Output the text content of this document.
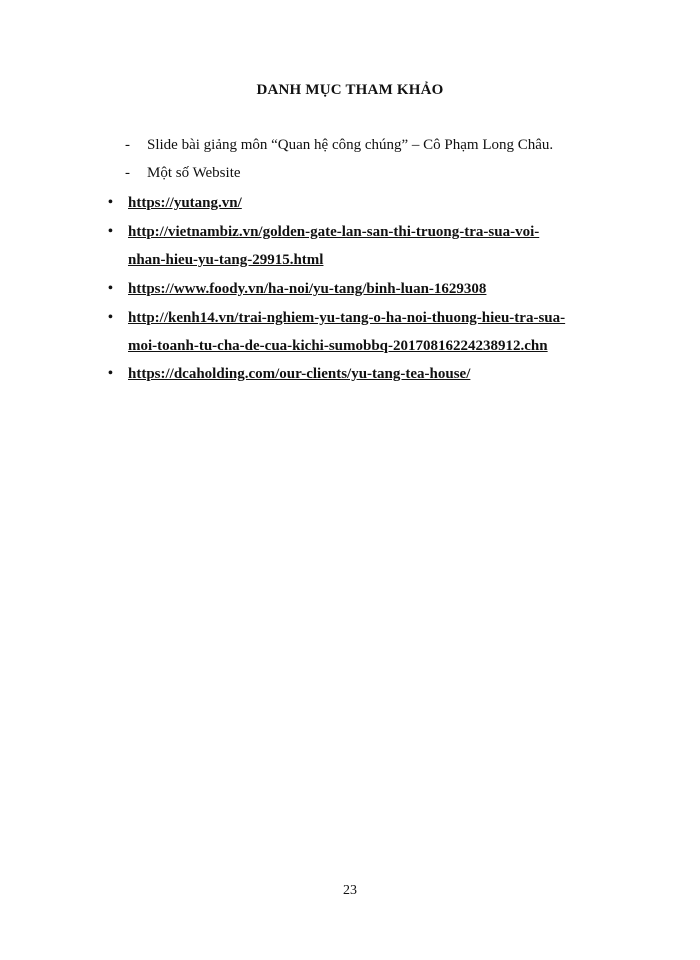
DANH MỤC THAM KHẢO
- Slide bài giảng môn “Quan hệ công chúng” – Cô Phạm Long Châu.
- Một số Website
• https://yutang.vn/
• http://vietnambiz.vn/golden-gate-lan-san-thi-truong-tra-sua-voi-
nhan-hieu-yu-tang-29915.html
• https://www.foody.vn/ha-noi/yu-tang/binh-luan-1629308
• http://kenh14.vn/trai-nghiem-yu-tang-o-ha-noi-thuong-hieu-tra-sua-
moi-toanh-tu-cha-de-cua-kichi-sumobbq-20170816224238912.chn
• https://dcaholding.com/our-clients/yu-tang-tea-house/
23
